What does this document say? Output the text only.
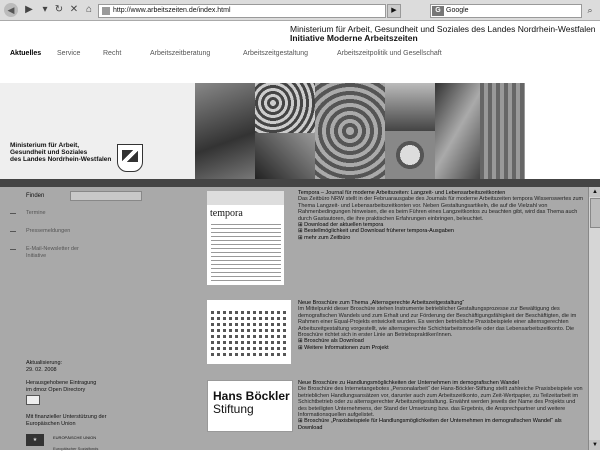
◀	▶ ▾ ↻ ✕ ⌂	http://www.arbeitszeiten.de/index.html	▶	G Google	⌕
Ministerium für Arbeit, Gesundheit und Soziales des Landes Nordrhein-Westfalen
Initiative Moderne Arbeitszeiten
Aktuelles Service	Recht	Arbeitszeitberatung	Arbeitszeitgestaltung	Arbeitszeitpolitik und Gesellschaft
Ministerium für Arbeit,
Gesundheit und Soziales
des Landes Nordrhein-Westfalen
▲
▼
Finden
Termine
Pressemeldungen
E-Mail-Newsletter der Initiative
Aktualisierung:
29. 02. 2008
Herausgehobene Eintragung
im dmoz Open Directory
Mit finanzieller Unterstützung der
Europäischen Union
★	EUROPÄISCHE UNION
Europäischer Sozialfonds
tempora
Hans Böckler
Stiftung
Tempora – Journal für moderne Arbeitszeiten: Langzeit- und Lebensarbeitszeitkonten
Das Zeitbüro NRW stellt in der Februarausgabe des Journals für moderne Arbeitszeiten tempora Wissenswertes zum Thema Langzeit- und Lebensarbeitszeitkonten vor. Neben Gestaltungsartikeln, die auf die Vielzahl von Rahmenbedingungen hinweisen, die es beim Führen eines Langzeitkontos zu beachten gibt, wird das Thema auch durch Gastautoren, die ihre praktischen Erfahrungen einbringen, beleuchtet.
⊞ Download der aktuellen tempora
⊞ Bestellmöglichkeit und Download früherer tempora-Ausgaben
⊞ mehr zum Zeitbüro
Neue Broschüre zum Thema „Alternsgerechte Arbeitszeitgestaltung“
Im Mittelpunkt dieser Broschüre stehen Instrumente betrieblicher Gestaltungsprozesse zur Bewältigung des demografischen Wandels und zum Erhalt und zur Förderung der Beschäftigungsfähigkeit der Beschäftigten, die im Rahmen einer Equal-Projekts entwickelt wurden. Es werden betriebliche Praxisbeispiele einer alternsgerechten Arbeitszeitgestaltung vorgestellt, wie alternsgerechte Schichtarbeitsmodelle oder das Lebensarbeitszeitkonto. Die Broschüre richtet sich in erster Linie an Betriebspraktiker/innen.
⊞ Broschüre als Download
⊞ Weitere Informationen zum Projekt
Neue Broschüre zu Handlungsmöglichkeiten der Unternehmen im demografischen Wandel
Die Broschüre des Internetangebotes „Personalarbeit“ der Hans-Böckler-Stiftung stellt zahlreiche Praxisbeispiele von betrieblichen Handlungsansätzen vor, darunter auch zum Arbeitszeitkonto, zum Zeit-Wertpapier, zu Teilzeitarbeit im Schichtbetrieb oder zu alternsgerechter Arbeitszeitgestaltung. Erwähnt werden jeweils der Name des Projekts und des beteiligten Unternehmens, der Stand der Umsetzung bzw. das Ergebnis, die Ansprechpartner und weitere Informationsquellen aufgelistet.
⊞ Broschüre „Praxisbeispiele für Handlungsmöglichkeiten der Unternehmen im demografischen Wandel“ als Download
